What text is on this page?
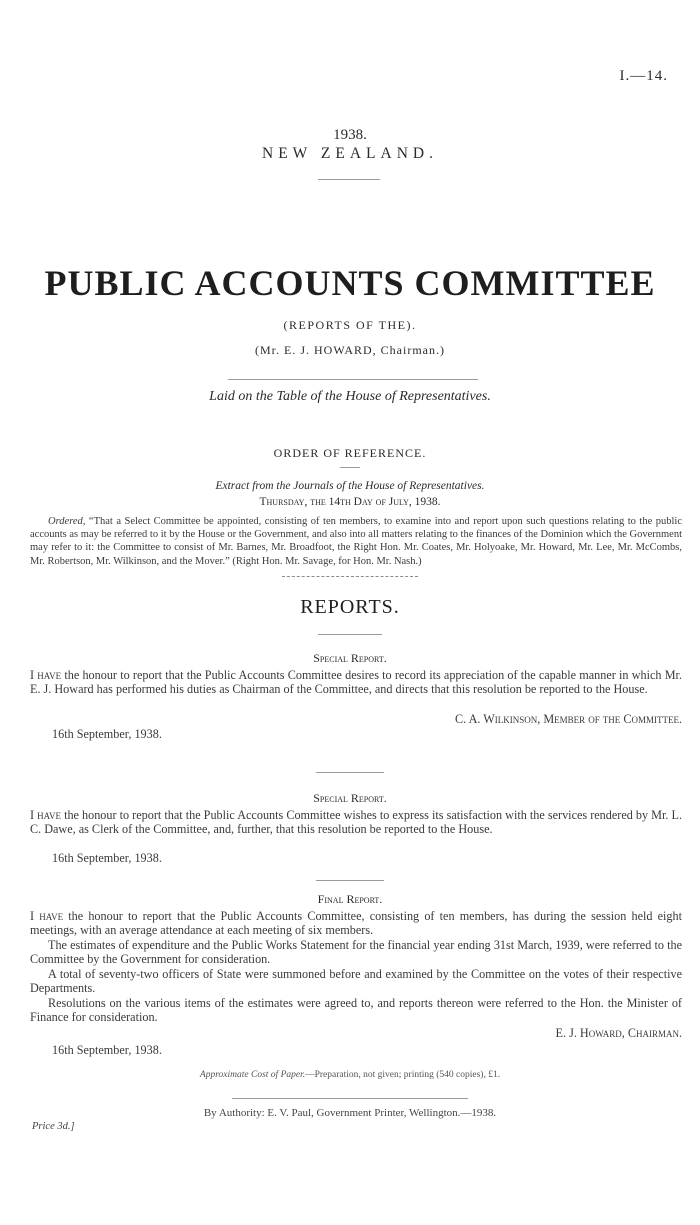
I.—14.
1938.
NEW ZEALAND.
PUBLIC ACCOUNTS COMMITTEE
(REPORTS OF THE).
(Mr. E. J. HOWARD, Chairman.)
Laid on the Table of the House of Representatives.
ORDER OF REFERENCE.
Extract from the Journals of the House of Representatives.
Thursday, the 14th Day of July, 1938.
Ordered, “That a Select Committee be appointed, consisting of ten members, to examine into and report upon such questions relating to the public accounts as may be referred to it by the House or the Government, and also into all matters relating to the finances of the Dominion which the Government may refer to it: the Committee to consist of Mr. Barnes, Mr. Broadfoot, the Right Hon. Mr. Coates, Mr. Holyoake, Mr. Howard, Mr. Lee, Mr. McCombs, Mr. Robertson, Mr. Wilkinson, and the Mover.” (Right Hon. Mr. Savage, for Hon. Mr. Nash.)
REPORTS.
Special Report.
I have the honour to report that the Public Accounts Committee desires to record its appreciation of the capable manner in which Mr. E. J. Howard has performed his duties as Chairman of the Committee, and directs that this resolution be reported to the House.
C. A. Wilkinson, Member of the Committee.
16th September, 1938.
Special Report.
I have the honour to report that the Public Accounts Committee wishes to express its satisfaction with the services rendered by Mr. L. C. Dawe, as Clerk of the Committee, and, further, that this resolution be reported to the House.
16th September, 1938.
Final Report.
I have the honour to report that the Public Accounts Committee, consisting of ten members, has during the session held eight meetings, with an average attendance at each meeting of six members.
The estimates of expenditure and the Public Works Statement for the financial year ending 31st March, 1939, were referred to the Committee by the Government for consideration.
A total of seventy-two officers of State were summoned before and examined by the Committee on the votes of their respective Departments.
Resolutions on the various items of the estimates were agreed to, and reports thereon were referred to the Hon. the Minister of Finance for consideration.
E. J. Howard, Chairman.
16th September, 1938.
Approximate Cost of Paper.—Preparation, not given; printing (540 copies), £1.
By Authority: E. V. Paul, Government Printer, Wellington.—1938.
Price 3d.]
